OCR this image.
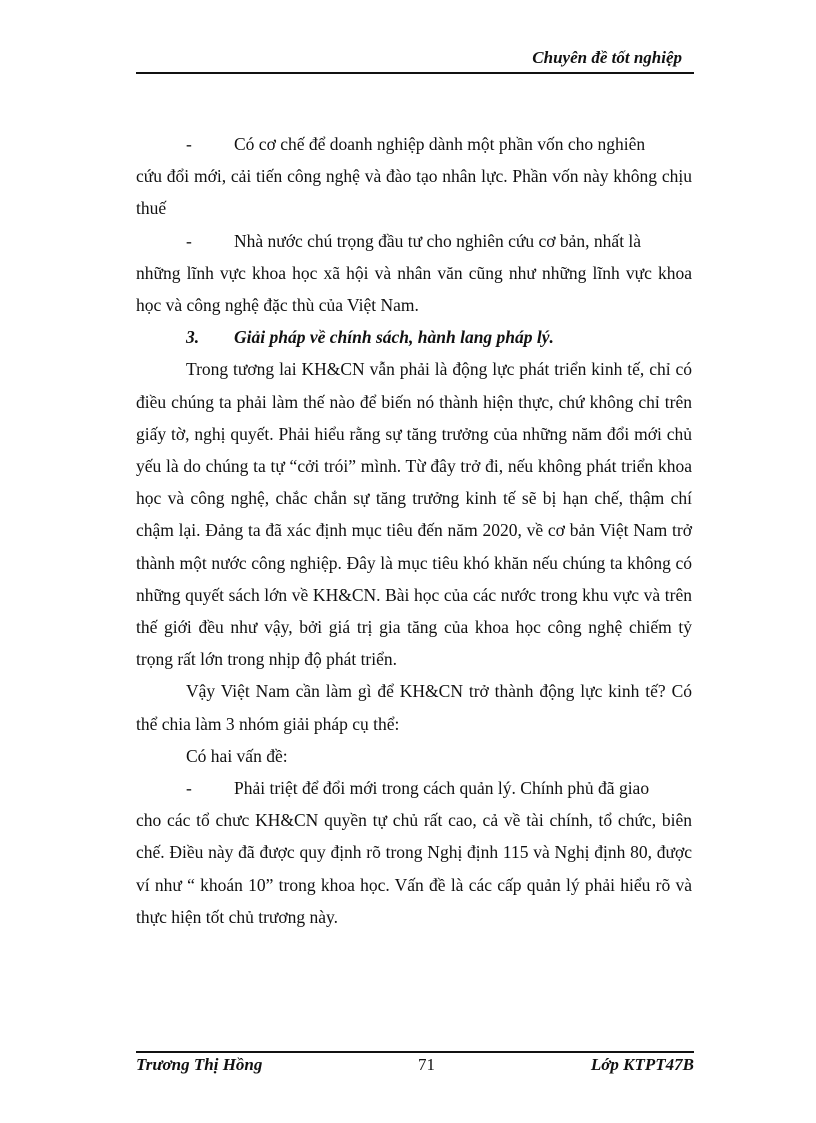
Chuyên đề tốt nghiệp
-	Có cơ chế để doanh nghiệp dành một phần vốn cho nghiên

cứu đổi mới, cải tiến công nghệ và đào tạo nhân lực. Phần vốn này không chịu thuế

-	Nhà nước chú trọng đầu tư cho nghiên cứu cơ bản, nhất là

những lĩnh vực khoa học xã hội và nhân văn cũng như những lĩnh vực khoa học và công nghệ đặc thù của Việt Nam.

3. Giải pháp về chính sách, hành lang pháp lý.

Trong tương lai KH&CN vẫn phải là động lực phát triển kinh tế, chỉ có điều chúng ta phải làm thế nào để biến nó thành hiện thực, chứ không chỉ trên giấy tờ, nghị quyết. Phải hiểu rằng sự tăng trưởng của những năm đổi mới chủ yếu là do chúng ta tự “cởi trói” mình. Từ đây trở đi, nếu không phát triển khoa học và công nghệ, chắc chắn sự tăng trưởng kinh tế sẽ bị hạn chế, thậm chí chậm lại. Đảng ta đã xác định mục tiêu đến năm 2020, về cơ bản Việt Nam trở thành một nước công nghiệp. Đây là mục tiêu khó khăn nếu chúng ta không có những quyết sách lớn về KH&CN. Bài học của các nước trong khu vực và trên thế giới đều như vậy, bởi giá trị gia tăng của khoa học công nghệ chiếm tỷ trọng rất lớn trong nhịp độ phát triển.

Vậy Việt Nam cần làm gì để KH&CN trở thành động lực kinh tế? Có thể chia làm 3 nhóm giải pháp cụ thể:

Có hai vấn đề:

-	Phải triệt để đổi mới trong cách quản lý. Chính phủ đã giao

cho các tổ chưc KH&CN quyền tự chủ rất cao, cả về tài chính, tổ chức, biên chế. Điều này đã được quy định rõ trong Nghị định 115 và Nghị định 80, được ví như “ khoán 10” trong khoa học. Vấn đề là các cấp quản lý phải hiểu rõ và thực hiện tốt chủ trương này.

Trương Thị Hồng	71	Lớp KTPT47B
